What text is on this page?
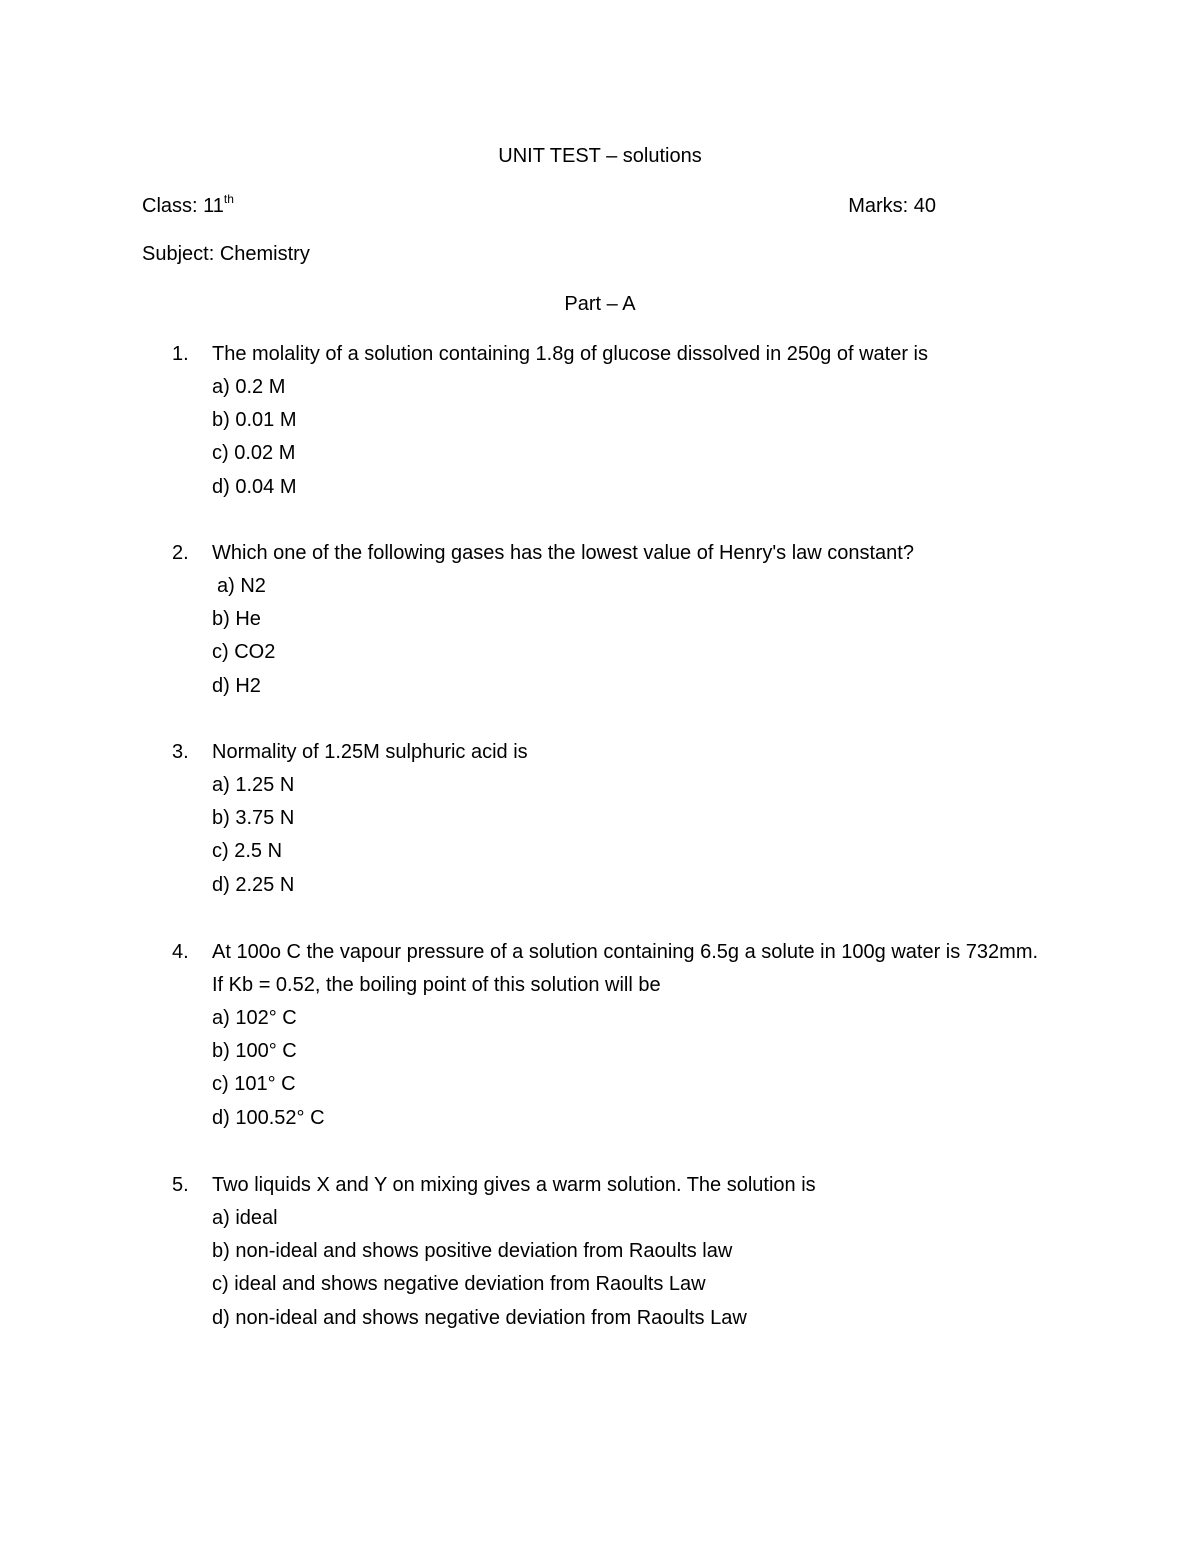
UNIT TEST – solutions
Class: 11th	Marks: 40
Subject: Chemistry
Part – A
1.	The molality of a solution containing 1.8g of glucose dissolved in 250g of water is
a) 0.2 M
b) 0.01 M
c) 0.02 M
d) 0.04 M
2.	Which one of the following gases has the lowest value of Henry's law constant?
a) N2
b) He
c) CO2
d) H2
3.	Normality of 1.25M sulphuric acid is
a) 1.25 N
b) 3.75 N
c) 2.5 N
d) 2.25 N
4.	At 100o C the vapour pressure of a solution containing 6.5g a solute in 100g water is 732mm. If Kb = 0.52, the boiling point of this solution will be
a) 102° C
b) 100° C
c) 101° C
d) 100.52° C
5.	Two liquids X and Y on mixing gives a warm solution. The solution is
a) ideal
b) non-ideal and shows positive deviation from Raoults law
c) ideal and shows negative deviation from Raoults Law
d) non-ideal and shows negative deviation from Raoults Law
